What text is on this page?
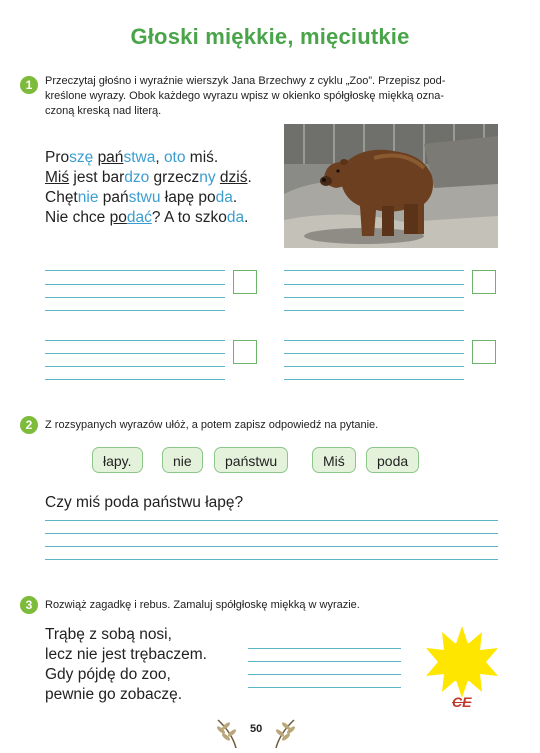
Głoski miękkie, mięciutkie
1	Przeczytaj głośno i wyraźnie wierszyk Jana Brzechwy z cyklu „Zoo”. Przepisz pod-
kreślone wyrazy. Obok każdego wyrazu wpisz w okienko spółgłoskę miękką ozna-
czoną kreską nad literą.
Proszę państwa, oto miś.
Miś jest bardzo grzeczny dziś.
Chętnie państwu łapę poda.
Nie chce podać? A to szkoda.
2	Z rozsypanych wyrazów ułóż, a potem zapisz odpowiedź na pytanie.
łapy.	nie	państwu	Miś	poda
Czy miś poda państwu łapę?
3	Rozwiąż zagadkę i rebus. Zamaluj spółgłoskę miękką w wyrazie.
Trąbę z sobą nosi,
lecz nie jest trębaczem.
Gdy pójdę do zoo,
pewnie go zobaczę.	CE
50
